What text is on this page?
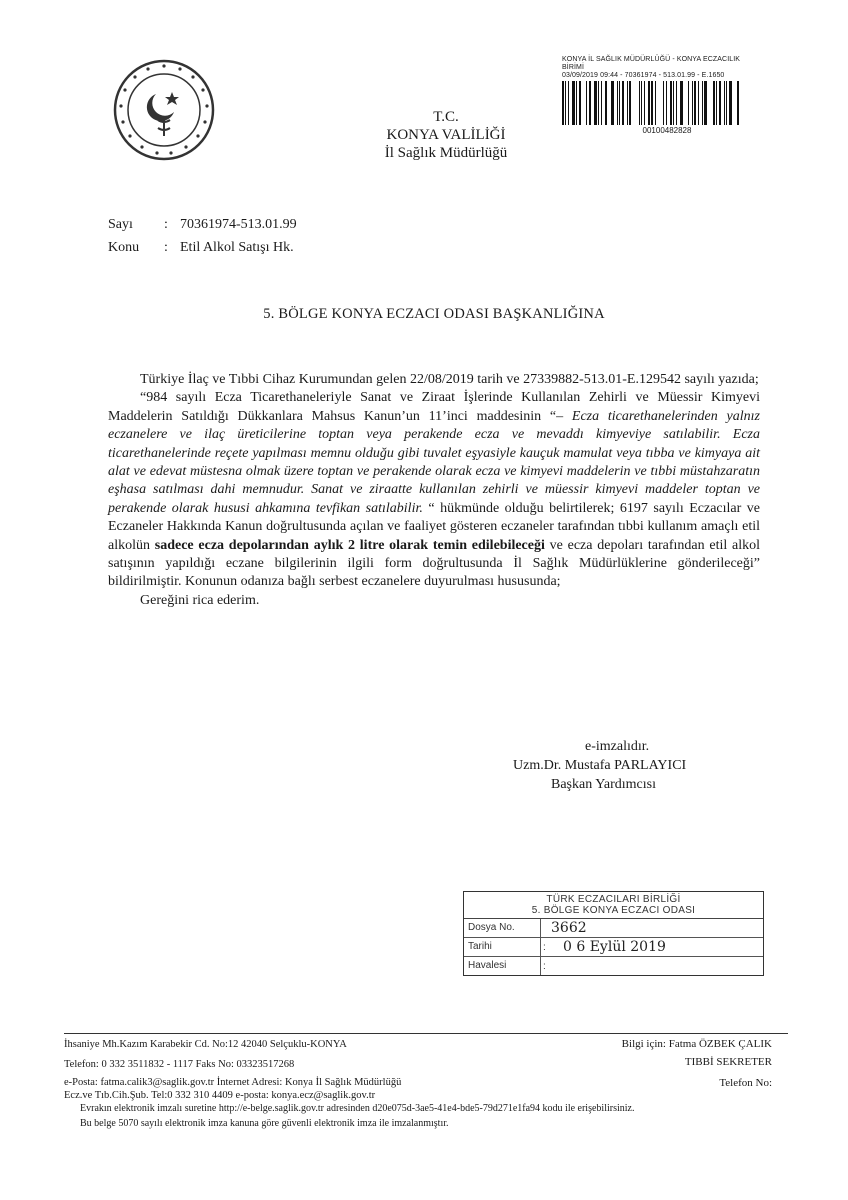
KONYA İL SAĞLIK MÜDÜRLÜĞÜ - KONYA ECZACILIK
BİRİMİ
03/09/2019 09:44 - 70361974 - 513.01.99 - E.1650
00100482828
T.C.
KONYA VALİLİĞİ
İl Sağlık Müdürlüğü
Sayı : 70361974-513.01.99
Konu : Etil Alkol Satışı Hk.
5. BÖLGE KONYA ECZACI ODASI BAŞKANLIĞINA

Türkiye İlaç ve Tıbbi Cihaz Kurumundan gelen 22/08/2019 tarih ve 27339882-513.01-E.129542 sayılı yazıda;

“984 sayılı Ecza Ticarethaneleriyle Sanat ve Ziraat İşlerinde Kullanılan Zehirli ve Müessir Kimyevi Maddelerin Satıldığı Dükkanlara Mahsus Kanun’un 11’inci maddesinin “– Ecza ticarethanelerinden yalnız eczanelere ve ilaç üreticilerine toptan veya perakende ecza ve mevaddı kimyeviye satılabilir. Ecza ticarethanelerinde reçete yapılması memnu olduğu gibi tuvalet eşyasiyle kauçuk mamulat veya tıbba ve kimyaya ait alat ve edevat müstesna olmak üzere toptan ve perakende olarak ecza ve kimyevi maddelerin ve tıbbi müstahzaratın eşhasa satılması dahi memnudur. Sanat ve ziraatte kullanılan zehirli ve müessir kimyevi maddeler toptan ve perakende olarak hususi ahkamına tevfikan satılabilir. “ hükmünde olduğu belirtilerek; 6197 sayılı Eczacılar ve Eczaneler Hakkında Kanun doğrultusunda açılan ve faaliyet gösteren eczaneler tarafından tıbbi kullanım amaçlı etil alkolün sadece ecza depolarından aylık 2 litre olarak temin edilebileceği ve ecza depoları tarafından etil alkol satışının yapıldığı eczane bilgilerinin ilgili form doğrultusunda İl Sağlık Müdürlüklerine gönderileceği” bildirilmiştir. Konunun odanıza bağlı serbest eczanelere duyurulması hususunda;

Gereğini rica ederim.

e-imzalıdır.
Uzm.Dr. Mustafa PARLAYICI
Başkan Yardımcısı
TÜRK ECZACILARI BİRLİĞİ
5. BÖLGE KONYA ECZACI ODASI
Dosya No.	3662
Tarihi	:	0 6 Eylül 2019
Havalesi	:
İhsaniye Mh.Kazım Karabekir Cd. No:12 42040 Selçuklu-KONYA
Telefon: 0 332 3511832 - 1117 Faks No: 03323517268
e-Posta: fatma.calik3@saglik.gov.tr İnternet Adresi: Konya İl Sağlık Müdürlüğü
Ecz.ve Tıb.Cih.Şub. Tel:0 332 310 4409 e-posta: konya.ecz@saglik.gov.tr
Evrakın elektronik imzalı suretine http://e-belge.saglik.gov.tr adresinden d20e075d-3ae5-41e4-bde5-79d271e1fa94 kodu ile erişebilirsiniz.
Bu belge 5070 sayılı elektronik imza kanuna göre güvenli elektronik imza ile imzalanmıştır.
Bilgi için: Fatma ÖZBEK ÇALIK
TIBBİ SEKRETER
Telefon No:
